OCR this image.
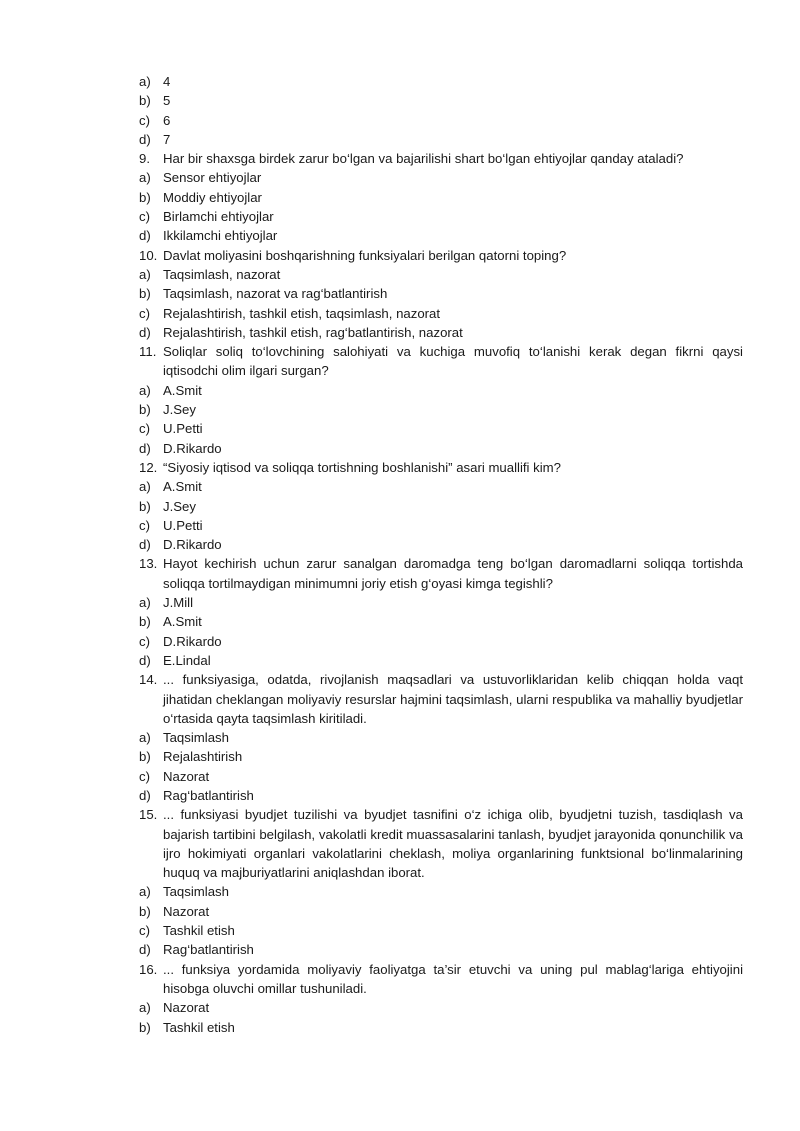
a) 4
b) 5
c) 6
d) 7
9. Har bir shaxsga birdek zarur bo‘lgan va bajarilishi shart bo‘lgan ehtiyojlar qanday ataladi?
a) Sensor ehtiyojlar
b) Moddiy ehtiyojlar
c) Birlamchi ehtiyojlar
d) Ikkilamchi ehtiyojlar
10. Davlat moliyasini boshqarishning funksiyalari berilgan qatorni toping?
a) Taqsimlash, nazorat
b) Taqsimlash, nazorat va rag‘batlantirish
c) Rejalashtirish, tashkil etish, taqsimlash, nazorat
d) Rejalashtirish, tashkil etish, rag‘batlantirish, nazorat
11. Soliqlar soliq to‘lovchining salohiyati va kuchiga muvofiq to‘lanishi kerak degan fikrni qaysi iqtisodchi olim ilgari surgan?
a) A.Smit
b) J.Sey
c) U.Petti
d) D.Rikardo
12. “Siyosiy iqtisod va soliqqa tortishning boshlanishi” asari muallifi kim?
a) A.Smit
b) J.Sey
c) U.Petti
d) D.Rikardo
13. Hayot kechirish uchun zarur sanalgan daromadga teng bo‘lgan daromadlarni soliqqa tortishda soliqqa tortilmaydigan minimumni joriy etish g‘oyasi kimga tegishli?
a) J.Mill
b) A.Smit
c) D.Rikardo
d) E.Lindal
14. ... funksiyasiga, odatda, rivojlanish maqsadlari va ustuvorliklaridan kelib chiqqan holda vaqt jihatidan cheklangan moliyaviy resurslar hajmini taqsimlash, ularni respublika va mahalliy byudjetlar o‘rtasida qayta taqsimlash kiritiladi.
a) Taqsimlash
b) Rejalashtirish
c) Nazorat
d) Rag‘batlantirish
15. ... funksiyasi byudjet tuzilishi va byudjet tasnifini o‘z ichiga olib, byudjetni tuzish, tasdiqlash va bajarish tartibini belgilash, vakolatli kredit muassasalarini tanlash, byudjet jarayonida qonunchilik va ijro hokimiyati organlari vakolatlarini cheklash, moliya organlarining funktsional bo‘linmalarining huquq va majburiyatlarini aniqlashdan iborat.
a) Taqsimlash
b) Nazorat
c) Tashkil etish
d) Rag‘batlantirish
16. ... funksiya yordamida moliyaviy faoliyatga ta’sir etuvchi va uning pul mablag‘lariga ehtiyojini hisobga oluvchi omillar tushuniladi.
a) Nazorat
b) Tashkil etish
